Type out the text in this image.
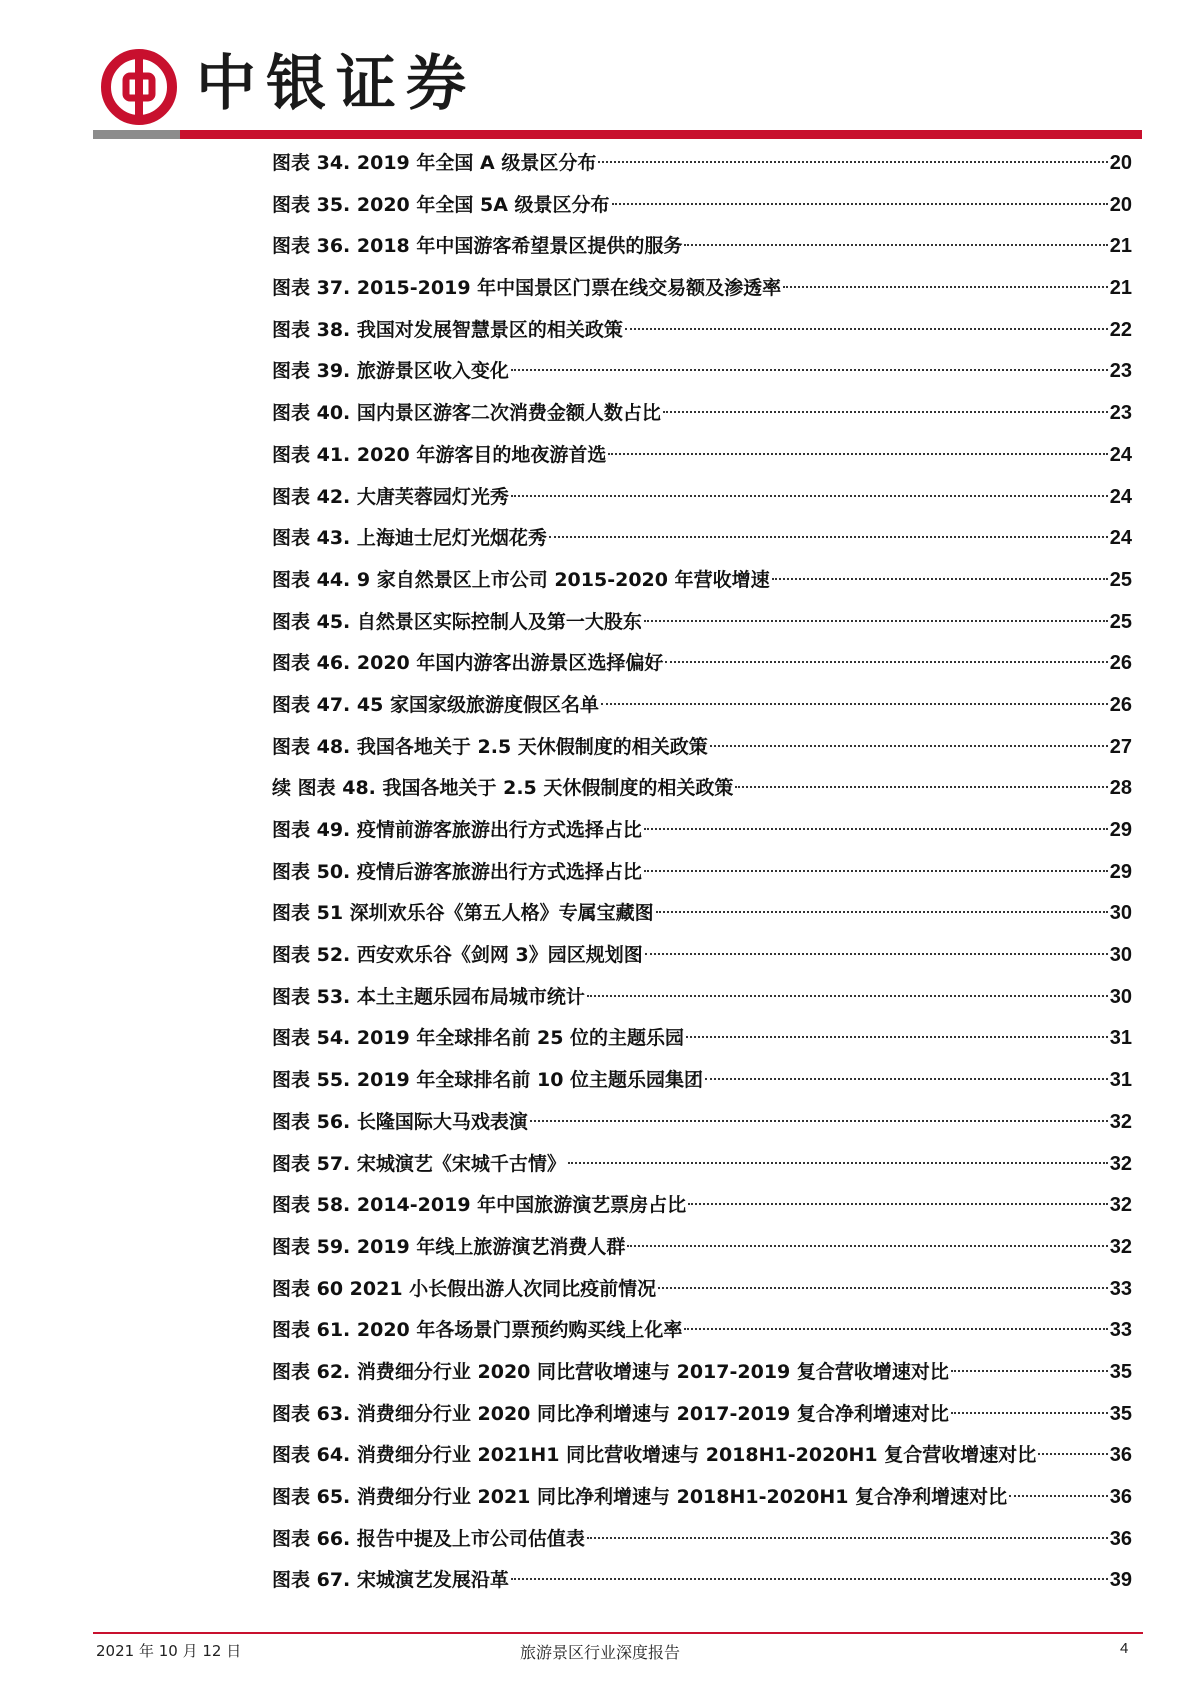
中银证券
图表 34. 2019 年全国 A 级景区分布	20
图表 35. 2020 年全国 5A 级景区分布	20
图表 36. 2018 年中国游客希望景区提供的服务	21
图表 37. 2015-2019 年中国景区门票在线交易额及渗透率	21
图表 38. 我国对发展智慧景区的相关政策	22
图表 39. 旅游景区收入变化	23
图表 40. 国内景区游客二次消费金额人数占比	23
图表 41. 2020 年游客目的地夜游首选	24
图表 42. 大唐芙蓉园灯光秀	24
图表 43. 上海迪士尼灯光烟花秀	24
图表 44. 9 家自然景区上市公司 2015-2020 年营收增速	25
图表 45. 自然景区实际控制人及第一大股东	25
图表 46. 2020 年国内游客出游景区选择偏好	26
图表 47. 45 家国家级旅游度假区名单	26
图表 48. 我国各地关于 2.5 天休假制度的相关政策	27
续 图表 48. 我国各地关于 2.5 天休假制度的相关政策	28
图表 49. 疫情前游客旅游出行方式选择占比	29
图表 50. 疫情后游客旅游出行方式选择占比	29
图表 51 深圳欢乐谷《第五人格》专属宝藏图	30
图表 52. 西安欢乐谷《剑网 3》园区规划图	30
图表 53. 本土主题乐园布局城市统计	30
图表 54. 2019 年全球排名前 25 位的主题乐园	31
图表 55. 2019 年全球排名前 10 位主题乐园集团	31
图表 56. 长隆国际大马戏表演	32
图表 57. 宋城演艺《宋城千古情》	32
图表 58. 2014-2019 年中国旅游演艺票房占比	32
图表 59. 2019 年线上旅游演艺消费人群	32
图表 60 2021 小长假出游人次同比疫前情况	33
图表 61. 2020 年各场景门票预约购买线上化率	33
图表 62. 消费细分行业 2020 同比营收增速与 2017-2019 复合营收增速对比	35
图表 63. 消费细分行业 2020 同比净利增速与 2017-2019 复合净利增速对比	35
图表 64. 消费细分行业 2021H1 同比营收增速与 2018H1-2020H1 复合营收增速对比	36
图表 65. 消费细分行业 2021 同比净利增速与 2018H1-2020H1 复合净利增速对比	36
图表 66. 报告中提及上市公司估值表	36
图表 67. 宋城演艺发展沿革	39
2021 年 10 月 12 日	旅游景区行业深度报告	4
